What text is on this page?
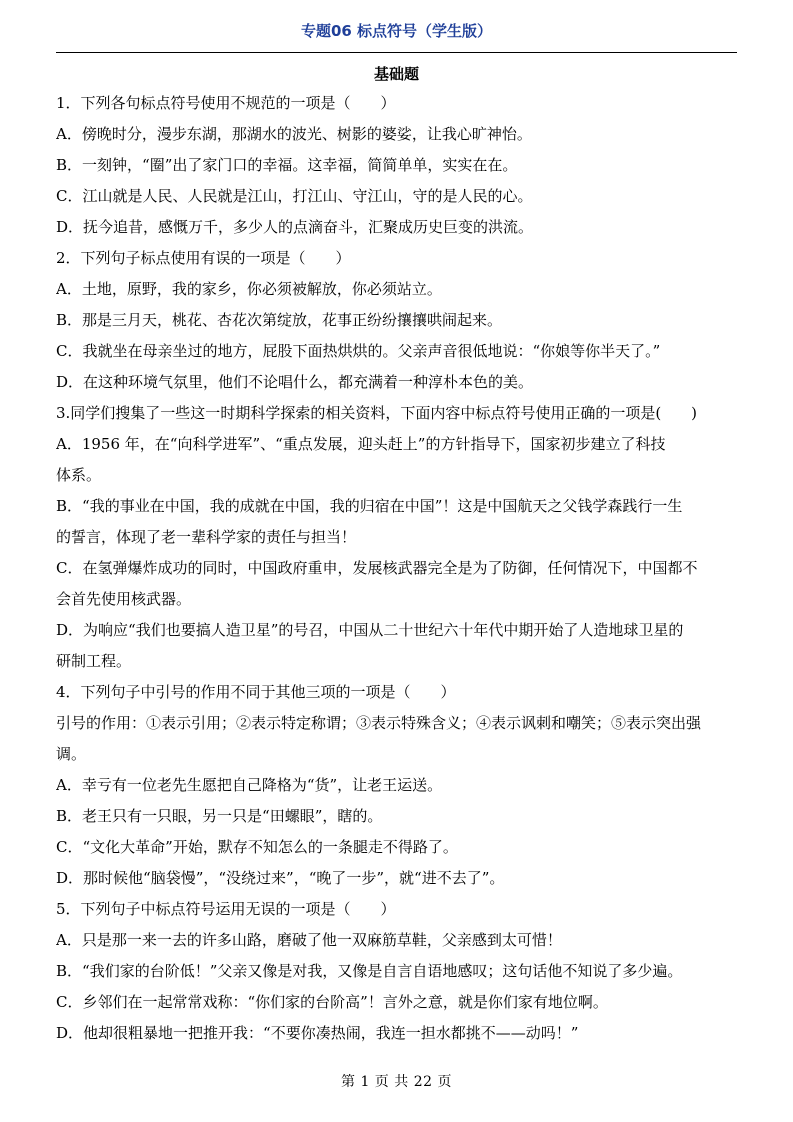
专题06 标点符号（学生版）
基础题
1．下列各句标点符号使用不规范的一项是（　　）
A．傍晚时分，漫步东湖，那湖水的波光、树影的婆娑，让我心旷神怡。
B．一刻钟，“圈”出了家门口的幸福。这幸福，简简单单，实实在在。
C．江山就是人民、人民就是江山，打江山、守江山，守的是人民的心。
D．抚今追昔，感慨万千，多少人的点滴奋斗，汇聚成历史巨变的洪流。
2．下列句子标点使用有误的一项是（　　）
A．土地，原野，我的家乡，你必须被解放，你必须站立。
B．那是三月天，桃花、杏花次第绽放，花事正纷纷攘攘哄闹起来。
C．我就坐在母亲坐过的地方，屁股下面热烘烘的。父亲声音很低地说：“你娘等你半天了。”
D．在这种环境气氛里，他们不论唱什么，都充满着一种淳朴本色的美。
3.同学们搜集了一些这一时期科学探索的相关资料，下面内容中标点符号使用正确的一项是(　　)
A．1956 年，在“向科学进军”、“重点发展，迎头赶上”的方针指导下，国家初步建立了科技
体系。
B．“我的事业在中国，我的成就在中国，我的归宿在中国”！这是中国航天之父钱学森践行一生
的誓言，体现了老一辈科学家的责任与担当！
C．在氢弹爆炸成功的同时，中国政府重申，发展核武器完全是为了防御，任何情况下，中国都不
会首先使用核武器。
D．为响应“我们也要搞人造卫星”的号召，中国从二十世纪六十年代中期开始了人造地球卫星的
研制工程。
4．下列句子中引号的作用不同于其他三项的一项是（　　）
引号的作用：①表示引用；②表示特定称谓；③表示特殊含义；④表示讽刺和嘲笑；⑤表示突出强
调。
A．幸亏有一位老先生愿把自己降格为“货”，让老王运送。
B．老王只有一只眼，另一只是“田螺眼”，瞎的。
C．“文化大革命”开始，默存不知怎么的一条腿走不得路了。
D．那时候他“脑袋慢”，“没绕过来”，“晚了一步”，就“进不去了”。
5．下列句子中标点符号运用无误的一项是（　　）
A．只是那一来一去的许多山路，磨破了他一双麻筋草鞋，父亲感到太可惜！
B．“我们家的台阶低！”父亲又像是对我，又像是自言自语地感叹；这句话他不知说了多少遍。
C．乡邻们在一起常常戏称：“你们家的台阶高”！言外之意，就是你们家有地位啊。
D．他却很粗暴地一把推开我：“不要你凑热闹，我连一担水都挑不——动吗！”
第 1 页 共 22 页
